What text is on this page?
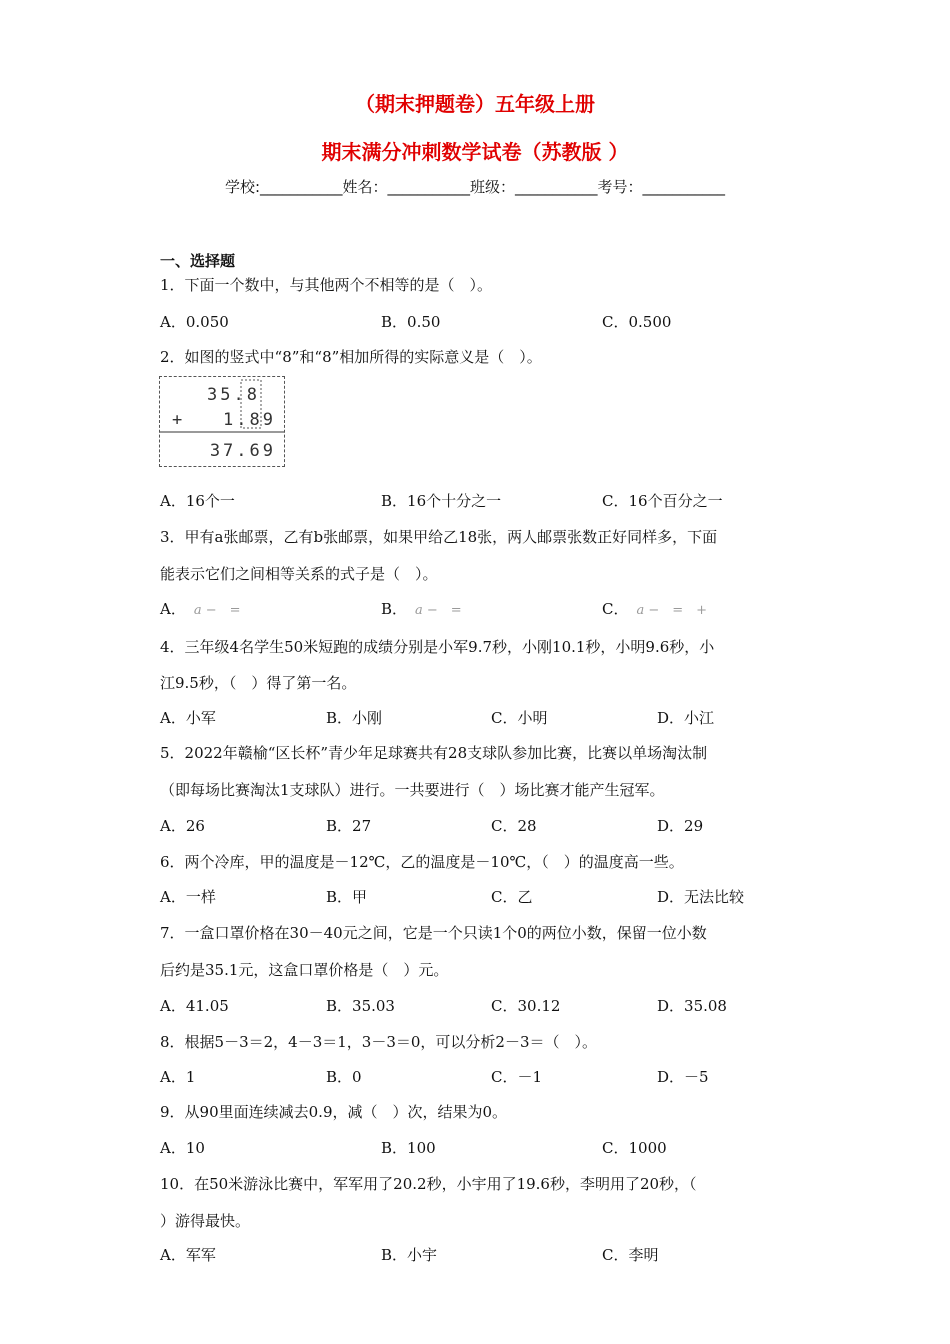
（期末押题卷）五年级上册
期末满分冲刺数学试卷（苏教版 ）
学校:___________姓名：___________班级：___________考号：___________
一、选择题
1．下面一个数中，与其他两个不相等的是（　）。
A．0.050	B．0.50	C．0.500
2．如图的竖式中“8”和“8”相加所得的实际意义是（　）。
35.8
+ 1.89
37.69
A．16个一	B．16个十分之一	C．16个百分之一
3．甲有a张邮票，乙有b张邮票，如果甲给乙18张，两人邮票张数正好同样多，下面
能表示它们之间相等关系的式子是（　）。
A． a −　=	B． a −　=	C． a −　=　+
4．三年级4名学生50米短跑的成绩分别是小军9.7秒，小刚10.1秒，小明9.6秒，小
江9.5秒，（　）得了第一名。
A．小军	B．小刚	C．小明	D．小江
5．2022年赣榆“区长杯”青少年足球赛共有28支球队参加比赛，比赛以单场淘汰制
（即每场比赛淘汰1支球队）进行。一共要进行（　）场比赛才能产生冠军。
A．26	B．27	C．28	D．29
6．两个冷库，甲的温度是－12℃，乙的温度是－10℃，（　）的温度高一些。
A．一样	B．甲	C．乙	D．无法比较
7．一盒口罩价格在30－40元之间，它是一个只读1个0的两位小数，保留一位小数
后约是35.1元，这盒口罩价格是（　）元。
A．41.05	B．35.03	C．30.12	D．35.08
8．根据5－3＝2，4－3＝1，3－3＝0，可以分析2－3＝（　）。
A．1	B．0	C．－1	D．－5
9．从90里面连续减去0.9，减（　）次，结果为0。
A．10	B．100	C．1000
10．在50米游泳比赛中，军军用了20.2秒，小宇用了19.6秒，李明用了20秒，（
）游得最快。
A．军军	B．小宇	C．李明
